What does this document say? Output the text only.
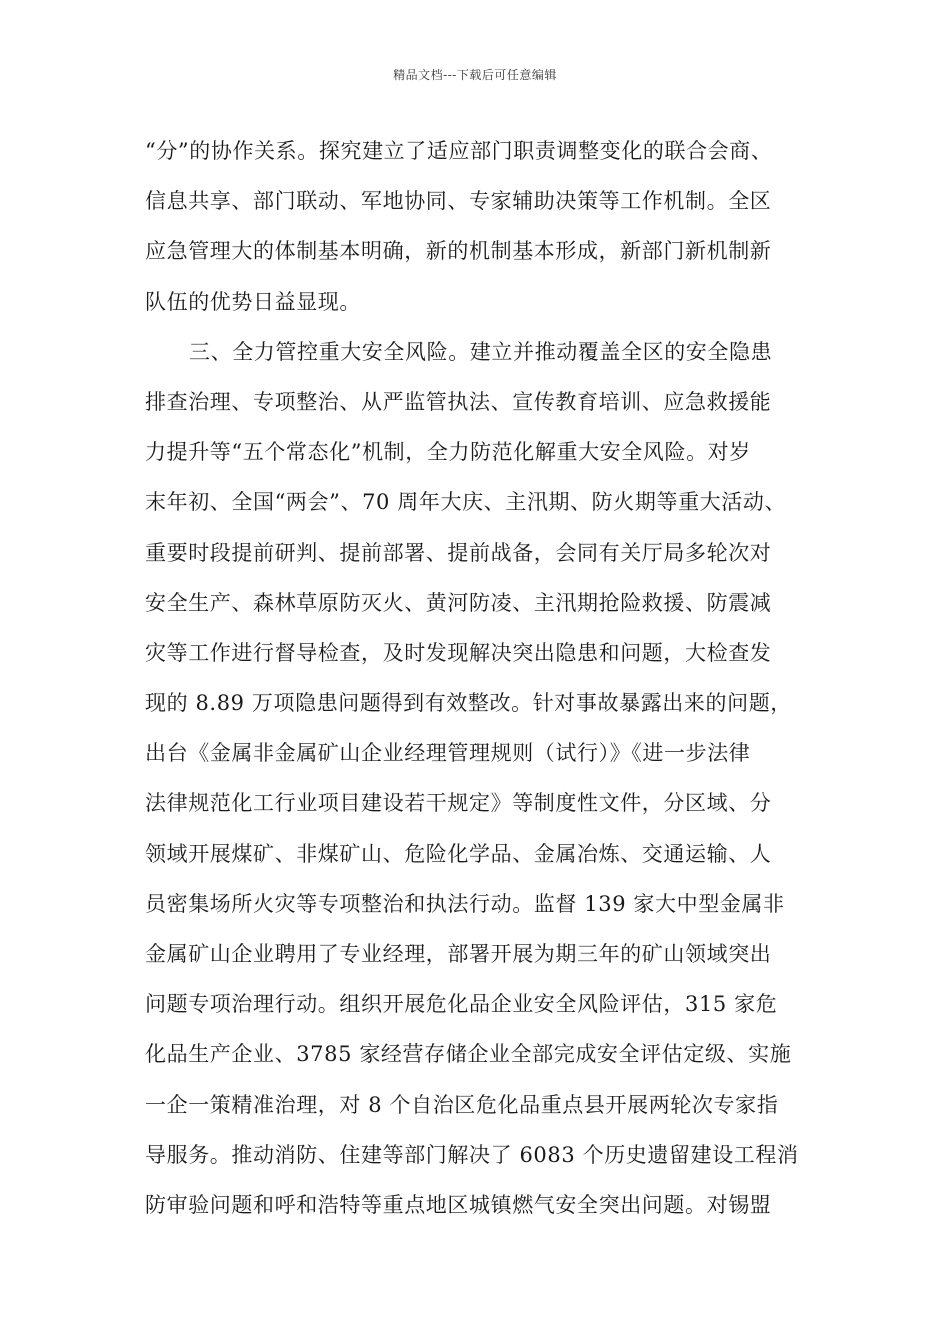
精品文档---下载后可任意编辑
“分”的协作关系。探究建立了适应部门职责调整变化的联合会商、
信息共享、部门联动、军地协同、专家辅助决策等工作机制。全区
应急管理大的体制基本明确，新的机制基本形成，新部门新机制新
队伍的优势日益显现。
三、全力管控重大安全风险。建立并推动覆盖全区的安全隐患
排查治理、专项整治、从严监管执法、宣传教育培训、应急救援能
力提升等“五个常态化”机制，全力防范化解重大安全风险。对岁
末年初、全国“两会”、70 周年大庆、主汛期、防火期等重大活动、
重要时段提前研判、提前部署、提前战备，会同有关厅局多轮次对
安全生产、森林草原防灭火、黄河防凌、主汛期抢险救援、防震减
灾等工作进行督导检查，及时发现解决突出隐患和问题，大检查发
现的 8.89 万项隐患问题得到有效整改。针对事故暴露出来的问题，
出台《金属非金属矿山企业经理管理规则（试行）》《进一步法律
法律规范化工行业项目建设若干规定》等制度性文件，分区域、分
领域开展煤矿、非煤矿山、危险化学品、金属冶炼、交通运输、人
员密集场所火灾等专项整治和执法行动。监督 139 家大中型金属非
金属矿山企业聘用了专业经理，部署开展为期三年的矿山领域突出
问题专项治理行动。组织开展危化品企业安全风险评估，315 家危
化品生产企业、3785 家经营存储企业全部完成安全评估定级、实施
一企一策精准治理，对 8 个自治区危化品重点县开展两轮次专家指
导服务。推动消防、住建等部门解决了 6083 个历史遗留建设工程消
防审验问题和呼和浩特等重点地区城镇燃气安全突出问题。对锡盟
